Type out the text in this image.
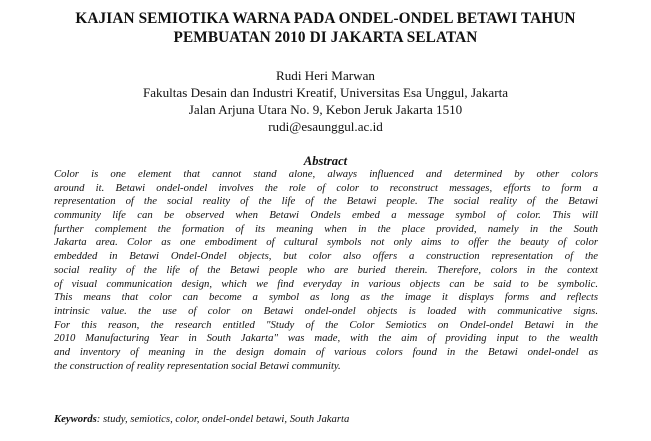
KAJIAN SEMIOTIKA WARNA PADA ONDEL-ONDEL BETAWI TAHUN
PEMBUATAN 2010 DI JAKARTA SELATAN
Rudi Heri Marwan
Fakultas Desain dan Industri Kreatif, Universitas Esa Unggul, Jakarta
Jalan Arjuna Utara No. 9, Kebon Jeruk Jakarta 1510
rudi@esaunggul.ac.id
Abstract
Color is one element that cannot stand alone, always influenced and determined by other colors
around it. Betawi ondel-ondel involves the role of color to reconstruct messages, efforts to form a
representation of the social reality of the life of the Betawi people. The social reality of the Betawi
community life can be observed when Betawi Ondels embed a message symbol of color. This will
further complement the formation of its meaning when in the place provided, namely in the South
Jakarta area. Color as one embodiment of cultural symbols not only aims to offer the beauty of color
embedded in Betawi Ondel-Ondel objects, but color also offers a construction representation of the
social reality of the life of the Betawi people who are buried therein. Therefore, colors in the context
of visual communication design, which we find everyday in various objects can be said to be symbolic.
This means that color can become a symbol as long as the image it displays forms and reflects
intrinsic value. the use of color on Betawi ondel-ondel objects is loaded with communicative signs.
For this reason, the research entitled "Study of the Color Semiotics on Ondel-ondel Betawi in the
2010 Manufacturing Year in South Jakarta" was made, with the aim of providing input to the wealth
and inventory of meaning in the design domain of various colors found in the Betawi ondel-ondel as
the construction of reality representation social Betawi community.
Keywords: study, semiotics, color, ondel-ondel betawi, South Jakarta
